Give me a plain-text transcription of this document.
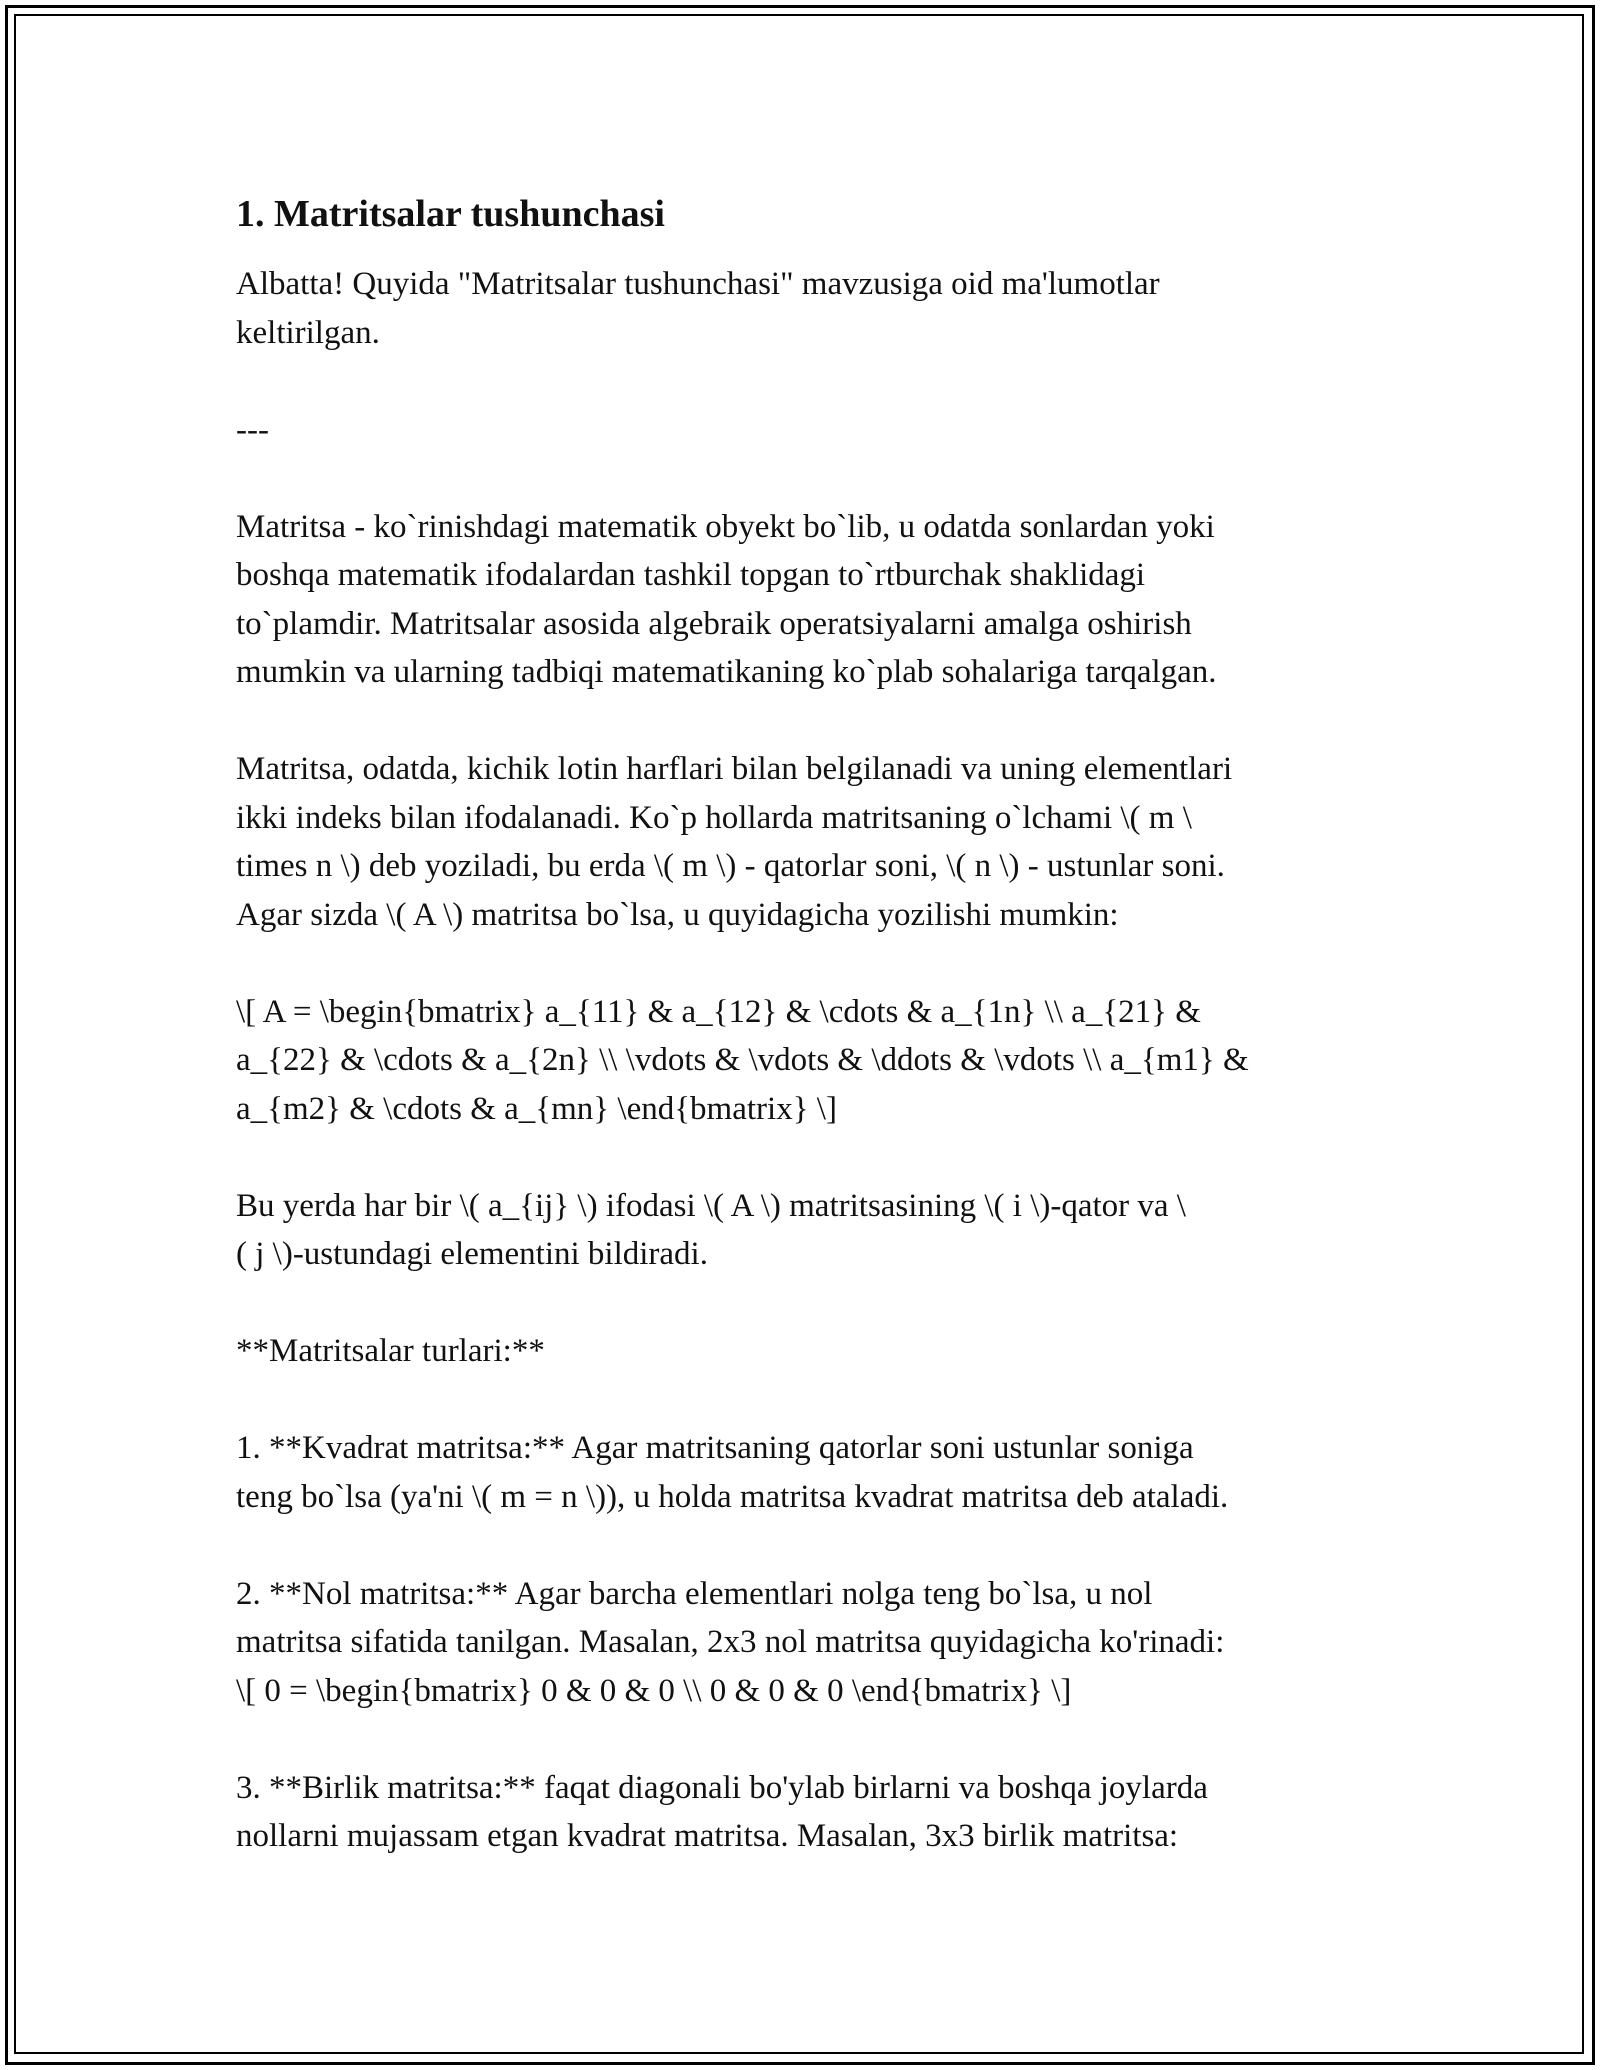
1. Matritsalar tushunchasi

Albatta! Quyida "Matritsalar tushunchasi" mavzusiga oid ma'lumotlar
keltirilgan.

---

Matritsa - ko`rinishdagi matematik obyekt bo`lib, u odatda sonlardan yoki
boshqa matematik ifodalardan tashkil topgan to`rtburchak shaklidagi
to`plamdir. Matritsalar asosida algebraik operatsiyalarni amalga oshirish
mumkin va ularning tadbiqi matematikaning ko`plab sohalariga tarqalgan.

Matritsa, odatda, kichik lotin harflari bilan belgilanadi va uning elementlari
ikki indeks bilan ifodalanadi. Ko`p hollarda matritsaning o`lchami \( m \
times n \) deb yoziladi, bu erda \( m \) - qatorlar soni, \( n \) - ustunlar soni.
Agar sizda \( A \) matritsa bo`lsa, u quyidagicha yozilishi mumkin:

\[ A = \begin{bmatrix} a_{11} & a_{12} & \cdots & a_{1n} \\ a_{21} &
a_{22} & \cdots & a_{2n} \\ \vdots & \vdots & \ddots & \vdots \\ a_{m1} &
a_{m2} & \cdots & a_{mn} \end{bmatrix} \]

Bu yerda har bir \( a_{ij} \) ifodasi \( A \) matritsasining \( i \)-qator va \
( j \)-ustundagi elementini bildiradi.

**Matritsalar turlari:**

1. **Kvadrat matritsa:** Agar matritsaning qatorlar soni ustunlar soniga
teng bo`lsa (ya'ni \( m = n \)), u holda matritsa kvadrat matritsa deb ataladi.

2. **Nol matritsa:** Agar barcha elementlari nolga teng bo`lsa, u nol
matritsa sifatida tanilgan. Masalan, 2x3 nol matritsa quyidagicha ko'rinadi:
\[ 0 = \begin{bmatrix} 0 & 0 & 0 \\ 0 & 0 & 0 \end{bmatrix} \]

3. **Birlik matritsa:** faqat diagonali bo'ylab birlarni va boshqa joylarda
nollarni mujassam etgan kvadrat matritsa. Masalan, 3x3 birlik matritsa:
